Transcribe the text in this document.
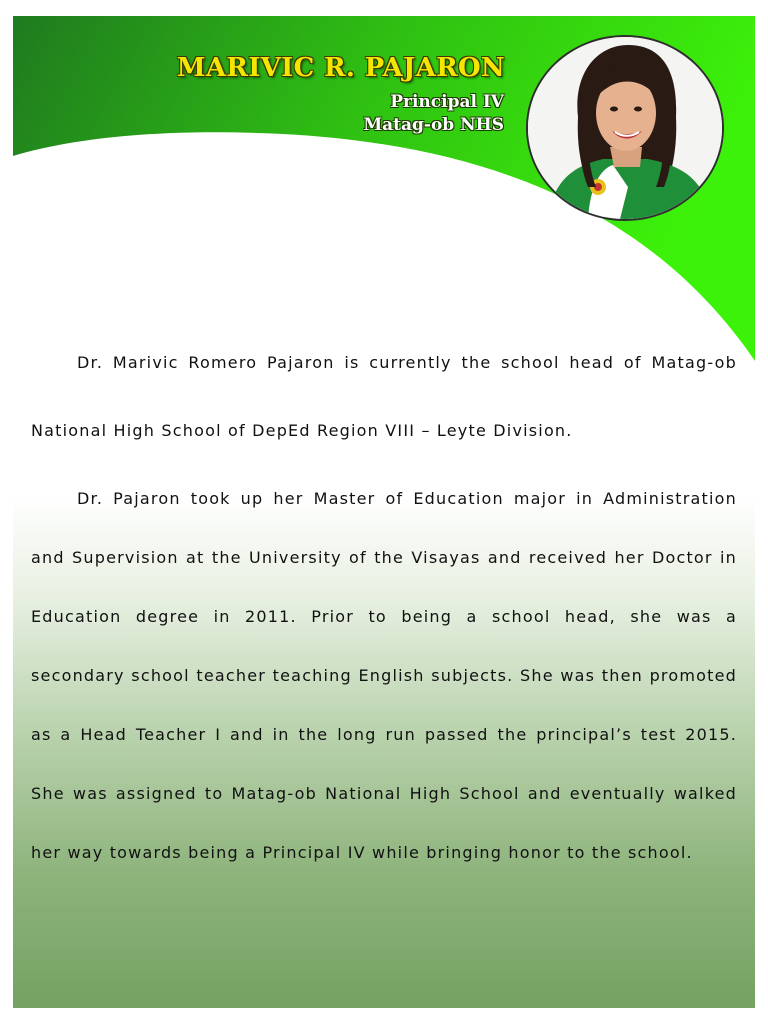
MARIVIC R. PAJARON

Principal IV

Matag-ob NHS

Dr. Marivic Romero Pajaron is currently the school head of Matag-ob National High School of DepEd Region VIII – Leyte Division.

Dr. Pajaron took up her Master of Education major in Administration and Supervision at the University of the Visayas and received her Doctor in Education degree in 2011. Prior to being a school head, she was a secondary school teacher teaching English subjects. She was then promoted as a Head Teacher I and in the long run passed the principal’s test 2015. She was assigned to Matag-ob National High School and eventually walked her way towards being a Principal IV while bringing honor to the school.
